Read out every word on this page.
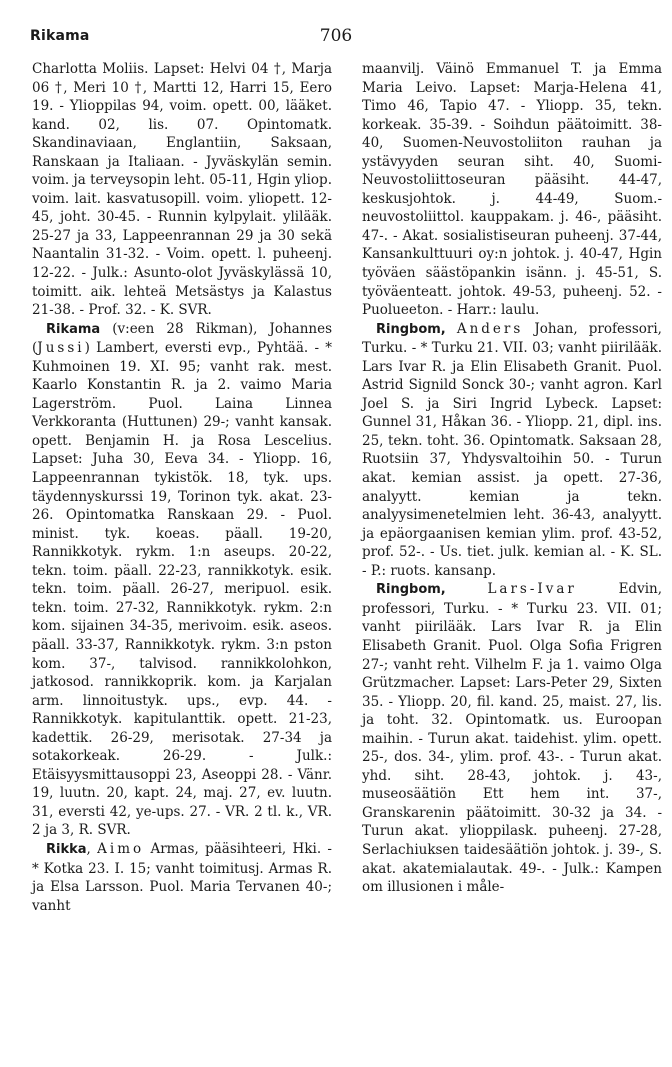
Rikama	706

Charlotta Moliis. Lapset: Helvi 04 †, Marja 06 †, Meri 10 †, Martti 12, Harri 15, Eero 19. - Ylioppilas 94, voim. opett. 00, lääket. kand. 02, lis. 07. Opintomatk. Skandinaviaan, Englantiin, Saksaan, Ranskaan ja Italiaan. - Jyväskylän semin. voim. ja terveysopin leht. 05-11, Hgin yliop. voim. lait. kasvatusopill. voim. yliopett. 12-45, joht. 30-45. - Runnin kylpylait. ylilääk. 25-27 ja 33, Lappeenrannan 29 ja 30 sekä Naantalin 31-32. - Voim. opett. l. puheenj. 12-22. - Julk.: Asunto-olot Jyväskylässä 10, toimitt. aik. lehteä Metsästys ja Kalastus 21-38. - Prof. 32. - K. SVR.

Rikama (v:een 28 Rikman), Johannes (Jussi) Lambert, eversti evp., Pyhtää. - * Kuhmoinen 19. XI. 95; vanht rak. mest. Kaarlo Konstantin R. ja 2. vaimo Maria Lagerström. Puol. Laina Linnea Verkkoranta (Huttunen) 29-; vanht kansak. opett. Benjamin H. ja Rosa Lescelius. Lapset: Juha 30, Eeva 34. - Yliopp. 16, Lappeenrannan tykistök. 18, tyk. ups. täydennyskurssi 19, Torinon tyk. akat. 23-26. Opintomatka Ranskaan 29. - Puol. minist. tyk. koeas. päall. 19-20, Rannikkotyk. rykm. 1:n aseups. 20-22, tekn. toim. päall. 22-23, rannikkotyk. esik. tekn. toim. päall. 26-27, meripuol. esik. tekn. toim. 27-32, Rannikkotyk. rykm. 2:n kom. sijainen 34-35, merivoim. esik. aseos. päall. 33-37, Rannikkotyk. rykm. 3:n pston kom. 37-, talvisod. rannikkolohkon, jatkosod. rannikkoprik. kom. ja Karjalan arm. linnoitustyk. ups., evp. 44. - Rannikkotyk. kapitulanttik. opett. 21-23, kadettik. 26-29, merisotak. 27-34 ja sotakorkeak. 26-29. - Julk.: Etäisyysmittausoppi 23, Aseoppi 28. - Vänr. 19, luutn. 20, kapt. 24, maj. 27, ev. luutn. 31, eversti 42, ye-ups. 27. - VR. 2 tl. k., VR. 2 ja 3, R. SVR.

Rikka, Aimo Armas, pääsihteeri, Hki. - * Kotka 23. I. 15; vanht toimitusj. Armas R. ja Elsa Larsson. Puol. Maria Tervanen 40-; vanht

maanvilj. Väinö Emmanuel T. ja Emma Maria Leivo. Lapset: Marja-Helena 41, Timo 46, Tapio 47. - Yliopp. 35, tekn. korkeak. 35-39. - Soihdun päätoimitt. 38-40, Suomen-Neuvostoliiton rauhan ja ystävyyden seuran siht. 40, Suomi-Neuvostoliittoseuran pääsiht. 44-47, keskusjohtok. j. 44-49, Suom.-neuvostoliittol. kauppakam. j. 46-, pääsiht. 47-. - Akat. sosialistiseuran puheenj. 37-44, Kansankulttuuri oy:n johtok. j. 40-47, Hgin työväen säästöpankin isänn. j. 45-51, S. työväenteatt. johtok. 49-53, puheenj. 52. - Puolueeton. - Harr.: laulu.

Ringbom, Anders Johan, professori, Turku. - * Turku 21. VII. 03; vanht piirilääk. Lars Ivar R. ja Elin Elisabeth Granit. Puol. Astrid Signild Sonck 30-; vanht agron. Karl Joel S. ja Siri Ingrid Lybeck. Lapset: Gunnel 31, Håkan 36. - Yliopp. 21, dipl. ins. 25, tekn. toht. 36. Opintomatk. Saksaan 28, Ruotsiin 37, Yhdysvaltoihin 50. - Turun akat. kemian assist. ja opett. 27-36, analyytt. kemian ja tekn. analyysimenetelmien leht. 36-43, analyytt. ja epäorgaanisen kemian ylim. prof. 43-52, prof. 52-. - Us. tiet. julk. kemian al. - K. SL. - P.: ruots. kansanp.

Ringbom,	Lars-Ivar	Edvin, professori, Turku. - * Turku 23. VII. 01; vanht piirilääk. Lars Ivar R. ja Elin Elisabeth Granit. Puol. Olga Sofia Frigren 27-; vanht reht. Vilhelm F. ja 1. vaimo Olga Grützmacher. Lapset: Lars-Peter 29, Sixten 35. - Yliopp. 20, fil. kand. 25, maist. 27, lis. ja toht. 32. Opintomatk. us. Euroopan maihin. - Turun akat. taidehist. ylim. opett. 25-, dos. 34-, ylim. prof. 43-. - Turun akat. yhd. siht. 28-43, johtok. j. 43-, museosäätiön Ett hem int. 37-, Granskarenin päätoimitt. 30-32 ja 34. - Turun akat. ylioppilask. puheenj. 27-28, Serlachiuksen taidesäätiön johtok. j. 39-, S. akat. akatemialautak. 49-. - Julk.: Kampen om illusionen i måle-
